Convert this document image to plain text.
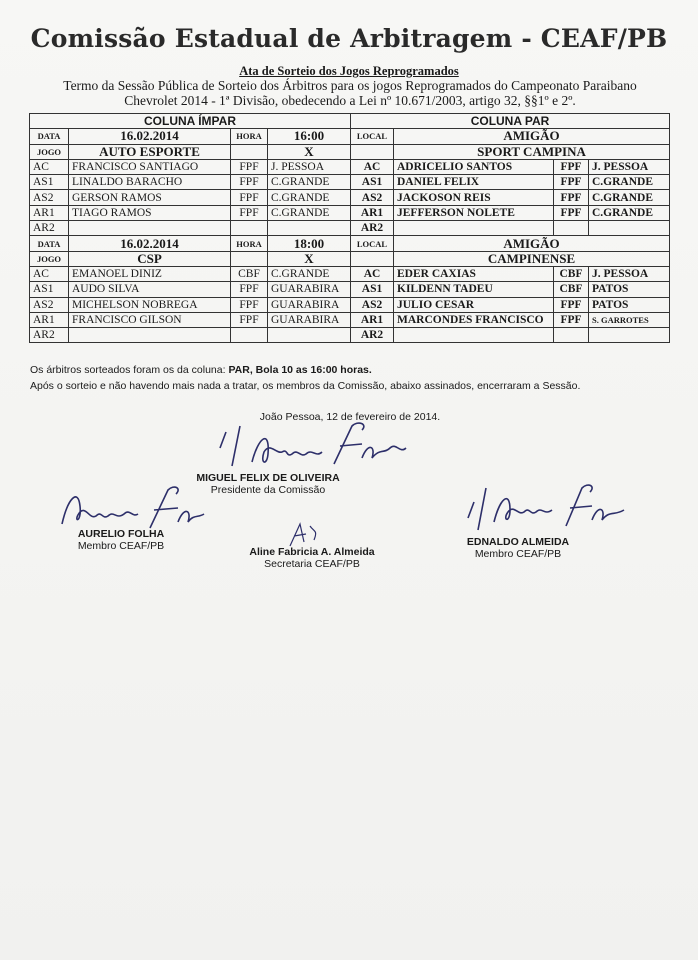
Comissão Estadual de Arbitragem - CEAF/PB
Ata de Sorteio dos Jogos Reprogramados
Termo da Sessão Pública de Sorteio dos Árbitros para os jogos Reprogramados do Campeonato Paraibano
Chevrolet 2014 - 1ª Divisão, obedecendo a Lei nº 10.671/2003, artigo 32, §§1º e 2º.
COLUNA ÍMPAR				COLUNA PAR			
DATA	16.02.2014	HORA	16:00	LOCAL	AMIGÃO		
JOGO	AUTO ESPORTE		X		SPORT CAMPINA		
AC	FRANCISCO SANTIAGO	FPF	J. PESSOA	AC	ADRICELIO SANTOS	FPF	J. PESSOA
AS1	LINALDO BARACHO	FPF	C.GRANDE	AS1	DANIEL FELIX	FPF	C.GRANDE
AS2	GERSON RAMOS	FPF	C.GRANDE	AS2	JACKOSON REIS	FPF	C.GRANDE
AR1	TIAGO RAMOS	FPF	C.GRANDE	AR1	JEFFERSON NOLETE	FPF	C.GRANDE
AR2				AR2			
DATA	16.02.2014	HORA	18:00	LOCAL	AMIGÃO		
JOGO	CSP		X		CAMPINENSE		
AC	EMANOEL DINIZ	CBF	C.GRANDE	AC	EDER CAXIAS	CBF	J. PESSOA
AS1	AUDO SILVA	FPF	GUARABIRA	AS1	KILDENN TADEU	CBF	PATOS
AS2	MICHELSON NOBREGA	FPF	GUARABIRA	AS2	JULIO CESAR	FPF	PATOS
AR1	FRANCISCO GILSON	FPF	GUARABIRA	AR1	MARCONDES FRANCISCO	FPF	S. GARROTES
AR2				AR2			
Os árbitros sorteados foram os da coluna: PAR, Bola 10 as 16:00 horas.
Após o sorteio e não havendo mais nada a tratar, os membros da Comissão, abaixo assinados, encerraram a Sessão.
João Pessoa, 12 de fevereiro de 2014.
MIGUEL FELIX DE OLIVEIRA
Presidente da Comissão
AURELIO FOLHA
Membro CEAF/PB	Aline Fabricia A. Almeida
Secretaria CEAF/PB
EDNALDO ALMEIDA
Membro CEAF/PB
